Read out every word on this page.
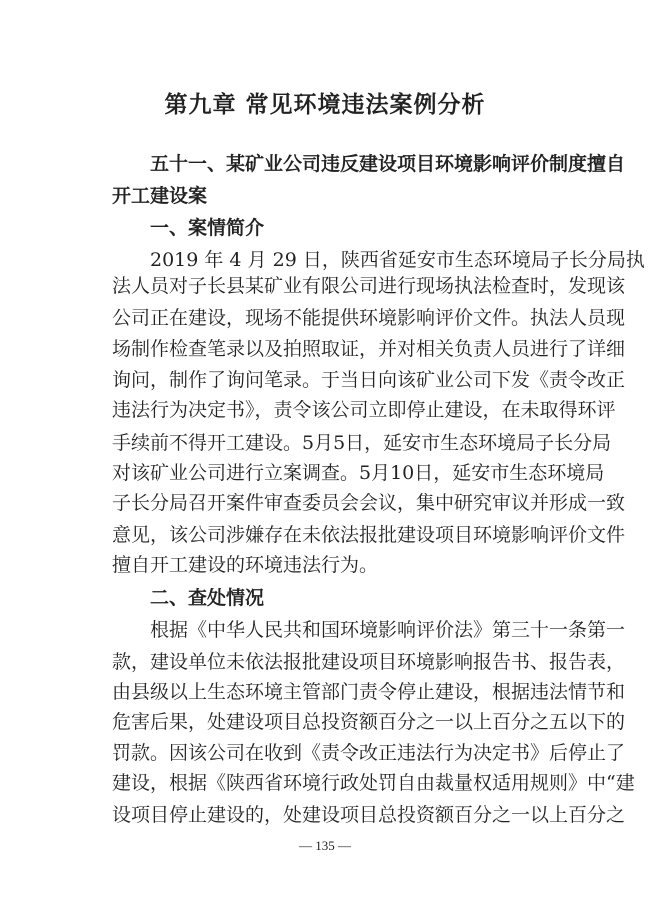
第九章 常见环境违法案例分析
五十一、某矿业公司违反建设项目环境影响评价制度擅自
开工建设案
一、案情简介
2019 年 4 月 29 日，陕西省延安市生态环境局子长分局执
法人员对子长县某矿业有限公司进行现场执法检查时，发现该
公司正在建设，现场不能提供环境影响评价文件。执法人员现
场制作检查笔录以及拍照取证，并对相关负责人员进行了详细
询问，制作了询问笔录。于当日向该矿业公司下发《责令改正
违法行为决定书》，责令该公司立即停止建设，在未取得环评
手续前不得开工建设。5月5日，延安市生态环境局子长分局
对该矿业公司进行立案调查。5月10日，延安市生态环境局
子长分局召开案件审查委员会会议，集中研究审议并形成一致
意见，该公司涉嫌存在未依法报批建设项目环境影响评价文件
擅自开工建设的环境违法行为。
二、查处情况
根据《中华人民共和国环境影响评价法》第三十一条第一
款，建设单位未依法报批建设项目环境影响报告书、报告表，
由县级以上生态环境主管部门责令停止建设，根据违法情节和
危害后果，处建设项目总投资额百分之一以上百分之五以下的
罚款。因该公司在收到《责令改正违法行为决定书》后停止了
建设，根据《陕西省环境行政处罚自由裁量权适用规则》中“建
设项目停止建设的，处建设项目总投资额百分之一以上百分之
— 135 —
